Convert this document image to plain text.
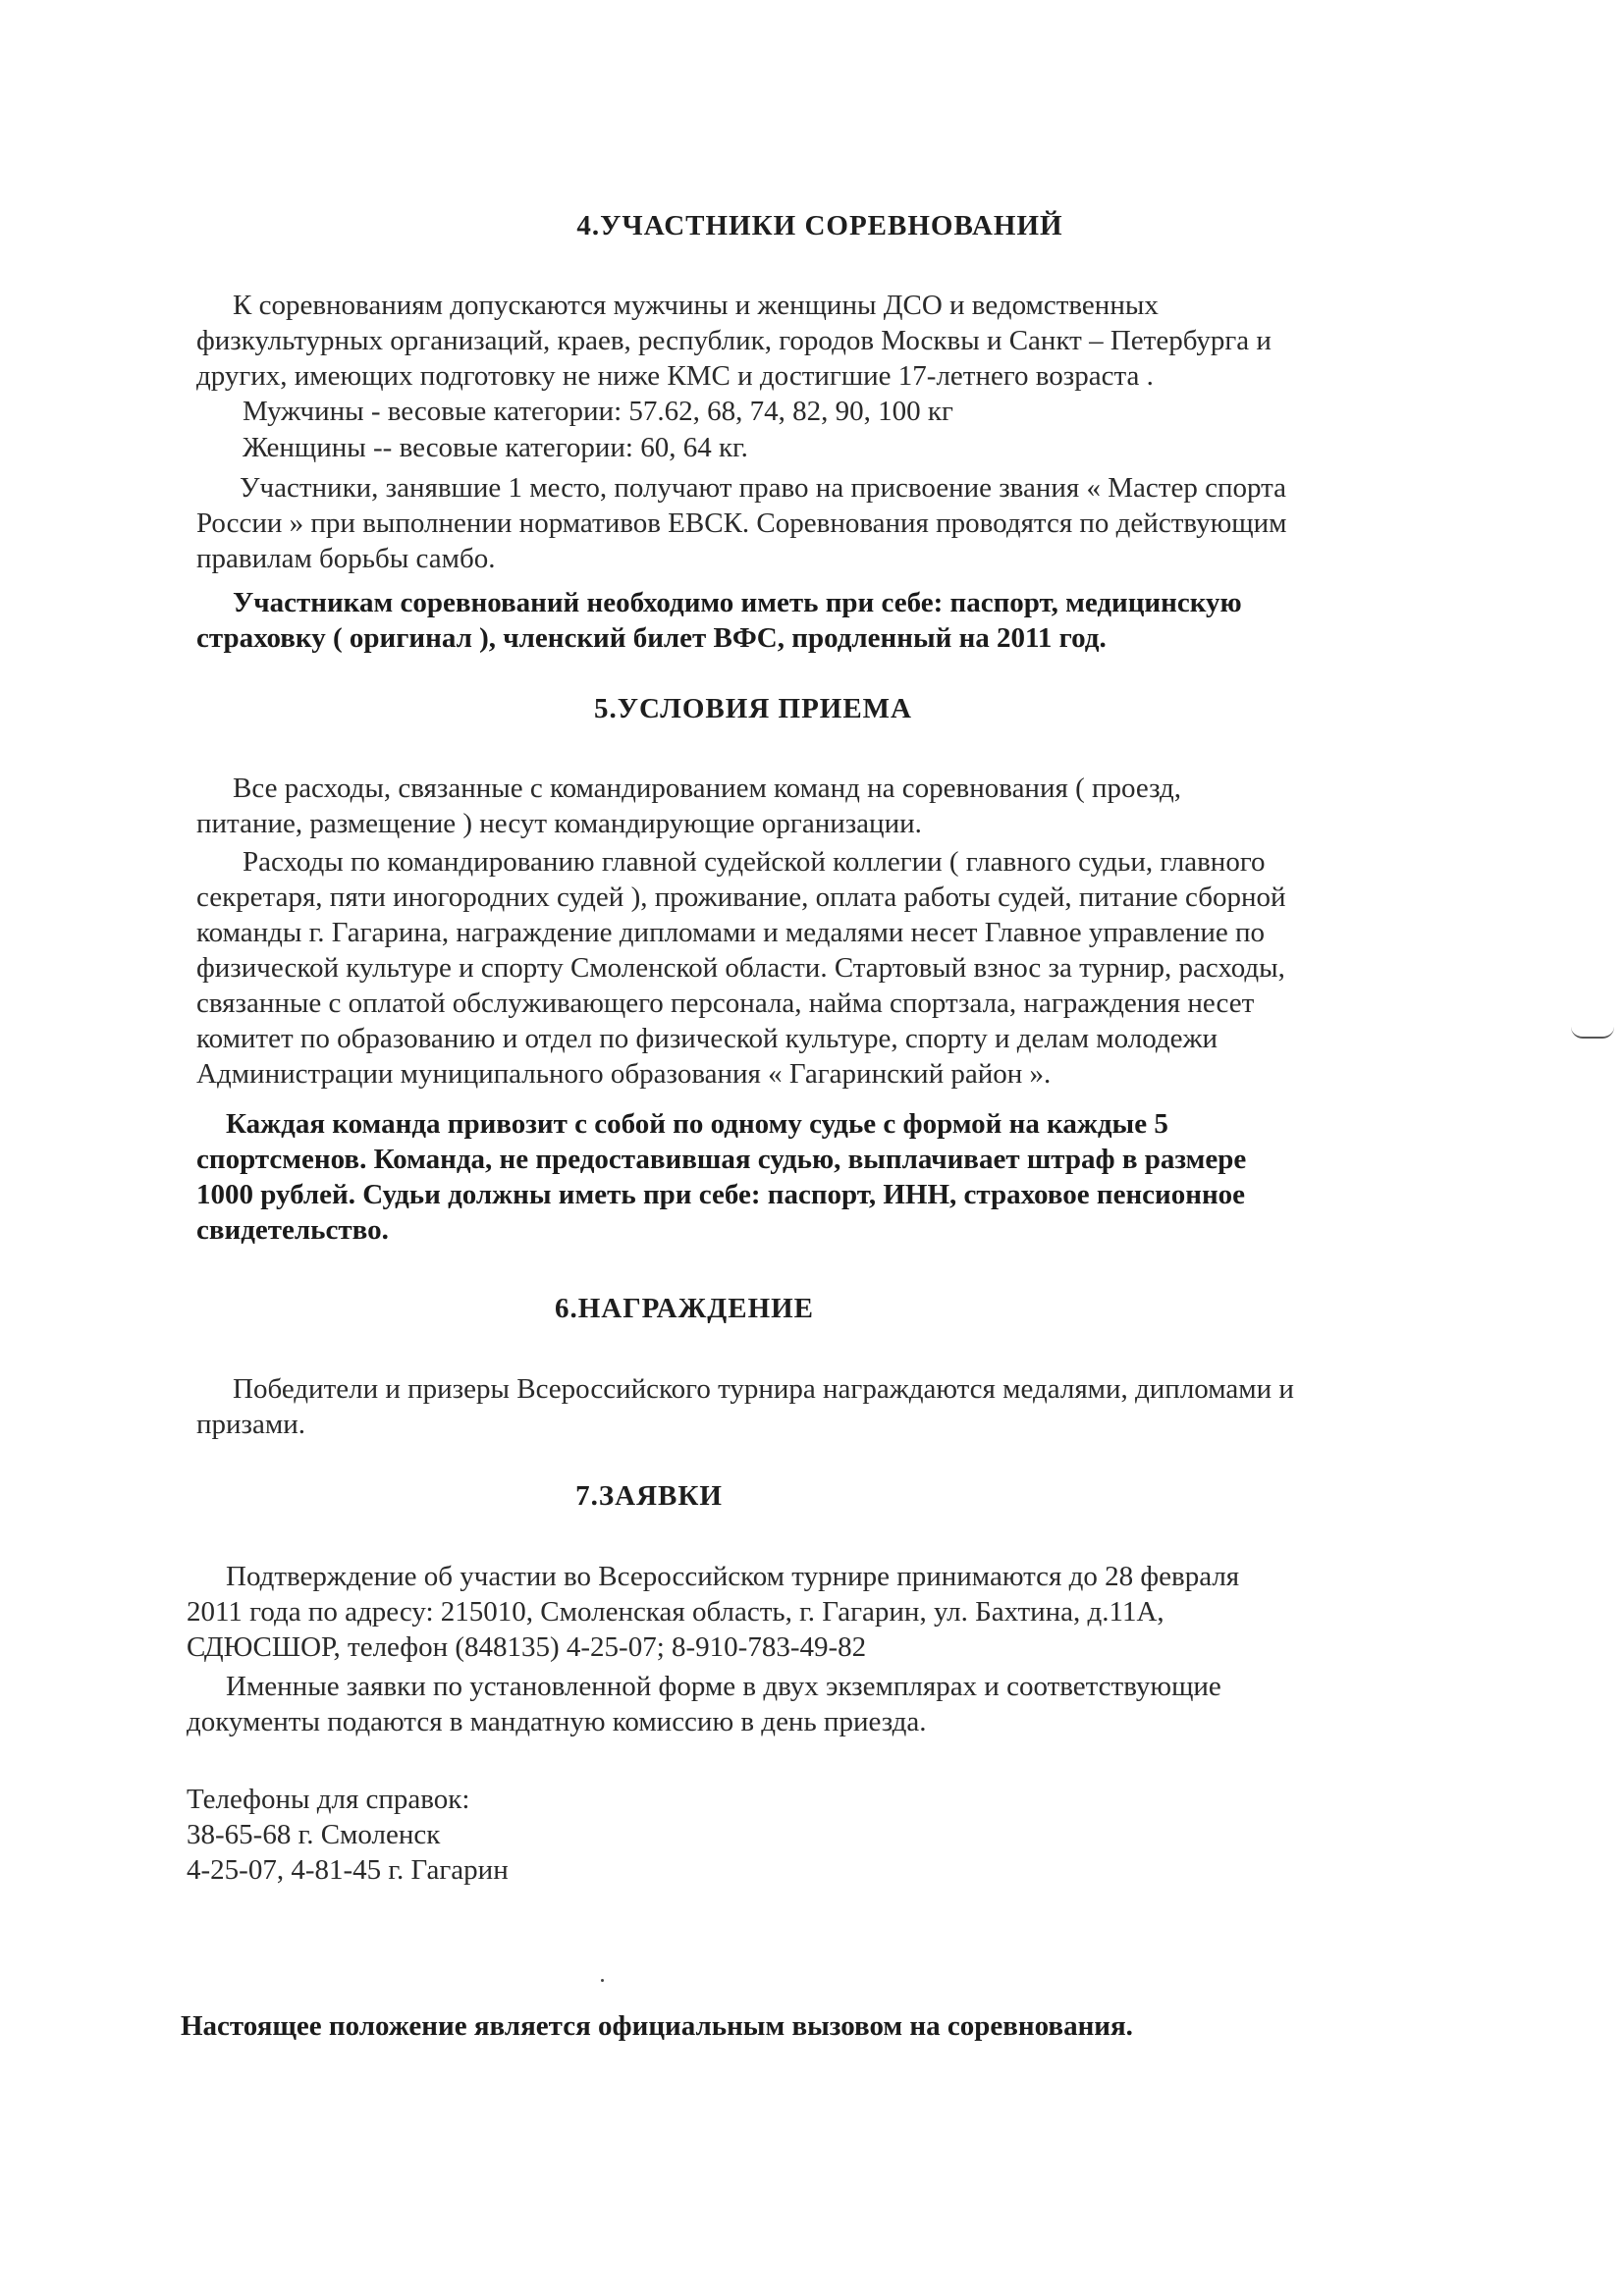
4.УЧАСТНИКИ СОРЕВНОВАНИЙ
К соревнованиям допускаются мужчины и женщины ДСО и ведомственных
физкультурных организаций, краев, республик, городов Москвы и Санкт – Петербурга и
других, имеющих подготовку не ниже КМС и достигшие 17-летнего возраста .
Мужчины - весовые категории: 57.62, 68, 74, 82, 90, 100 кг
Женщины -- весовые категории: 60, 64 кг.
Участники, занявшие 1 место, получают право на присвоение звания « Мастер спорта
России » при выполнении нормативов ЕВСК. Соревнования проводятся по действующим
правилам борьбы самбо.
Участникам соревнований необходимо иметь при себе: паспорт, медицинскую
страховку ( оригинал ), членский билет ВФС, продленный на 2011 год.
5.УСЛОВИЯ ПРИЕМА
Все расходы, связанные с командированием команд на соревнования ( проезд,
питание, размещение ) несут командирующие организации.
Расходы по командированию главной судейской коллегии ( главного судьи, главного
секретаря, пяти иногородних судей ), проживание, оплата работы судей, питание сборной
команды г. Гагарина, награждение дипломами и медалями несет Главное управление по
физической культуре и спорту Смоленской области. Стартовый взнос за турнир, расходы,
связанные с оплатой обслуживающего персонала, найма спортзала, награждения несет
комитет по образованию и отдел по физической культуре, спорту и делам молодежи
Администрации муниципального образования « Гагаринский район ».
Каждая команда привозит с собой по одному судье с формой на каждые 5
спортсменов. Команда, не предоставившая судью, выплачивает штраф в размере
1000 рублей. Судьи должны иметь при себе: паспорт, ИНН, страховое пенсионное
свидетельство.
6.НАГРАЖДЕНИЕ
Победители и призеры Всероссийского турнира награждаются медалями, дипломами и
призами.
7.ЗАЯВКИ
Подтверждение об участии во Всероссийском турнире принимаются до 28 февраля
2011 года по адресу: 215010, Смоленская область, г. Гагарин, ул. Бахтина, д.11А,
СДЮСШОР, телефон (848135) 4-25-07; 8-910-783-49-82
Именные заявки по установленной форме в двух экземплярах и соответствующие
документы подаются в мандатную комиссию в день приезда.
Телефоны для справок:
38-65-68 г. Смоленск
4-25-07, 4-81-45 г. Гагарин
Настоящее положение является официальным вызовом на соревнования.
